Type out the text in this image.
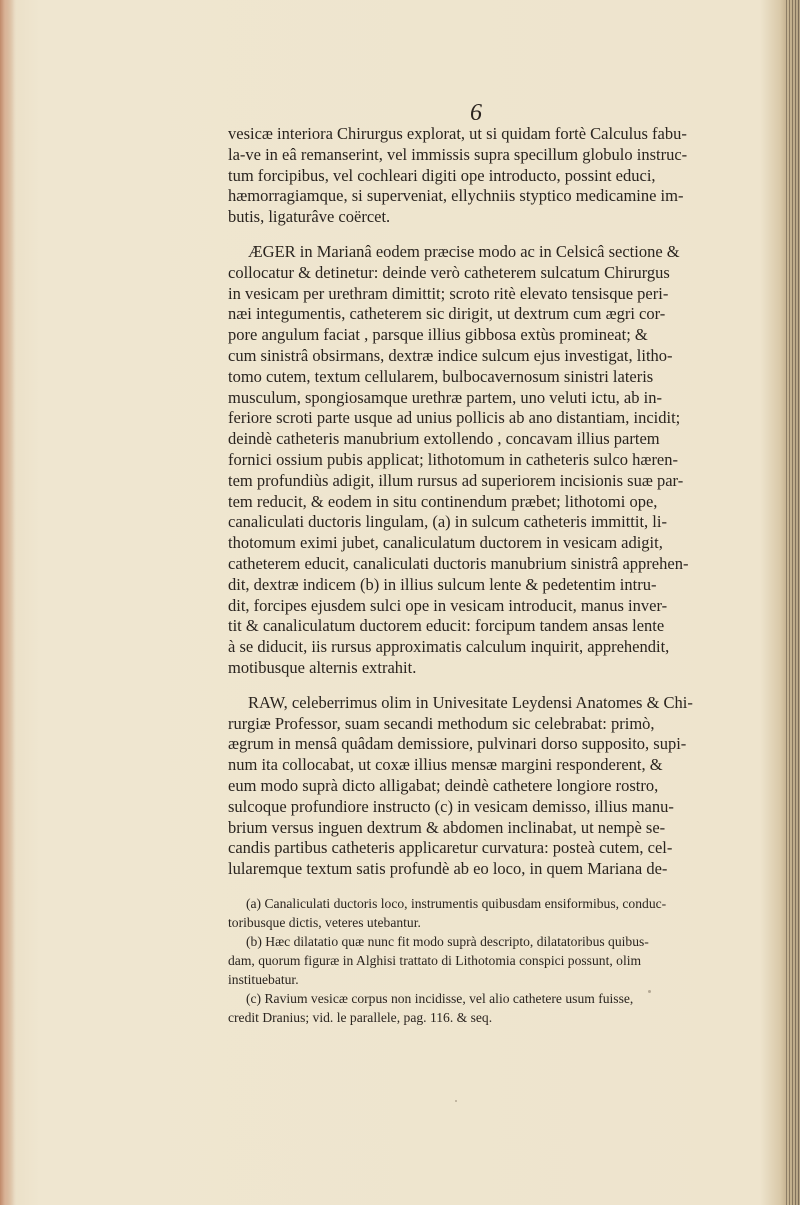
6

vesicæ interiora Chirurgus explorat, ut si quidam fortè Calculus fabu-

la-ve in eâ remanserint, vel immissis supra specillum globulo instruc-

tum forcipibus, vel cochleari digiti ope introducto, possint educi,

hæmorragiamque, si superveniat, ellychniis styptico medicamine im-

butis, ligaturâve coërcet.

ÆGER in Marianâ eodem præcise modo ac in Celsicâ sectione &

collocatur & detinetur: deinde verò catheterem sulcatum Chirurgus

in vesicam per urethram dimittit; scroto ritè elevato tensisque peri-

næi integumentis, catheterem sic dirigit, ut dextrum cum ægri cor-

pore angulum faciat , parsque illius gibbosa extùs promineat; &

cum sinistrâ obsirmans, dextræ indice sulcum ejus investigat, litho-

tomo cutem, textum cellularem, bulbocavernosum sinistri lateris

musculum, spongiosamque urethræ partem, uno veluti ictu, ab in-

feriore scroti parte usque ad unius pollicis ab ano distantiam, incidit;

deindè catheteris manubrium extollendo , concavam illius partem

fornici ossium pubis applicat; lithotomum in catheteris sulco hæren-

tem profundiùs adigit, illum rursus ad superiorem incisionis suæ par-

tem reducit, & eodem in situ continendum præbet; lithotomi ope,

canaliculati ductoris lingulam, (a) in sulcum catheteris immittit, li-

thotomum eximi jubet, canaliculatum ductorem in vesicam adigit,

catheterem educit, canaliculati ductoris manubrium sinistrâ apprehen-

dit, dextræ indicem (b) in illius sulcum lente & pedetentim intru-

dit, forcipes ejusdem sulci ope in vesicam introducit, manus inver-

tit & canaliculatum ductorem educit: forcipum tandem ansas lente

à se diducit, iis rursus approximatis calculum inquirit, apprehendit,

motibusque alternis extrahit.

RAW, celeberrimus olim in Univesitate Leydensi Anatomes & Chi-

rurgiæ Professor, suam secandi methodum sic celebrabat: primò,

ægrum in mensâ quâdam demissiore, pulvinari dorso supposito, supi-

num ita collocabat, ut coxæ illius mensæ margini responderent, &

eum modo suprà dicto alligabat; deindè cathetere longiore rostro,

sulcoque profundiore instructo (c) in vesicam demisso, illius manu-

brium versus inguen dextrum & abdomen inclinabat, ut nempè se-

candis partibus catheteris applicaretur curvatura: posteà cutem, cel-

lularemque textum satis profundè ab eo loco, in quem Mariana de-

(a) Canaliculati ductoris loco, instrumentis quibusdam ensiformibus, conduc-

toribusque dictis, veteres utebantur.

(b) Hæc dilatatio quæ nunc fit modo suprà descripto, dilatatoribus quibus-

dam, quorum figuræ in Alghisi trattato di Lithotomia conspici possunt, olim

instituebatur.

(c) Ravium vesicæ corpus non incidisse, vel alio cathetere usum fuisse,

credit Dranius; vid. le parallele, pag. 116. & seq.
